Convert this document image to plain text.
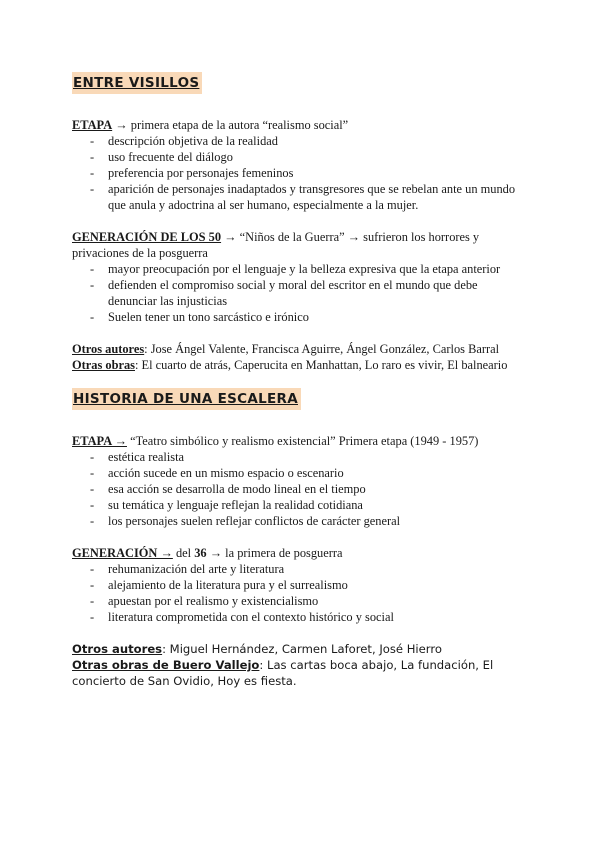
ENTRE VISILLOS

ETAPA → primera etapa de la autora “realismo social”

- descripción objetiva de la realidad
- uso frecuente del diálogo
- preferencia por personajes femeninos
- aparición de personajes inadaptados y transgresores que se rebelan ante un mundo que anula y adoctrina al ser humano, especialmente a la mujer.

GENERACIÓN DE LOS 50 → “Niños de la Guerra” → sufrieron los horrores y privaciones de la posguerra

- mayor preocupación por el lenguaje y la belleza expresiva que la etapa anterior
- defienden el compromiso social y moral del escritor en el mundo que debe denunciar las injusticias
- Suelen tener un tono sarcástico e irónico

Otros autores: Jose Ángel Valente, Francisca Aguirre, Ángel González, Carlos Barral

Otras obras: El cuarto de atrás, Caperucita en Manhattan, Lo raro es vivir, El balneario

HISTORIA DE UNA ESCALERA

ETAPA → “Teatro simbólico y realismo existencial” Primera etapa (1949 - 1957)

- estética realista
- acción sucede en un mismo espacio o escenario
- esa acción se desarrolla de modo lineal en el tiempo
- su temática y lenguaje reflejan la realidad cotidiana
- los personajes suelen reflejar conflictos de carácter general

GENERACIÓN → del 36 → la primera de posguerra

- rehumanización del arte y literatura
- alejamiento de la literatura pura y el surrealismo
- apuestan por el realismo y existencialismo
- literatura comprometida con el contexto histórico y social

Otros autores: Miguel Hernández, Carmen Laforet, José Hierro

Otras obras de Buero Vallejo: Las cartas boca abajo, La fundación, El concierto de San Ovidio, Hoy es fiesta.
